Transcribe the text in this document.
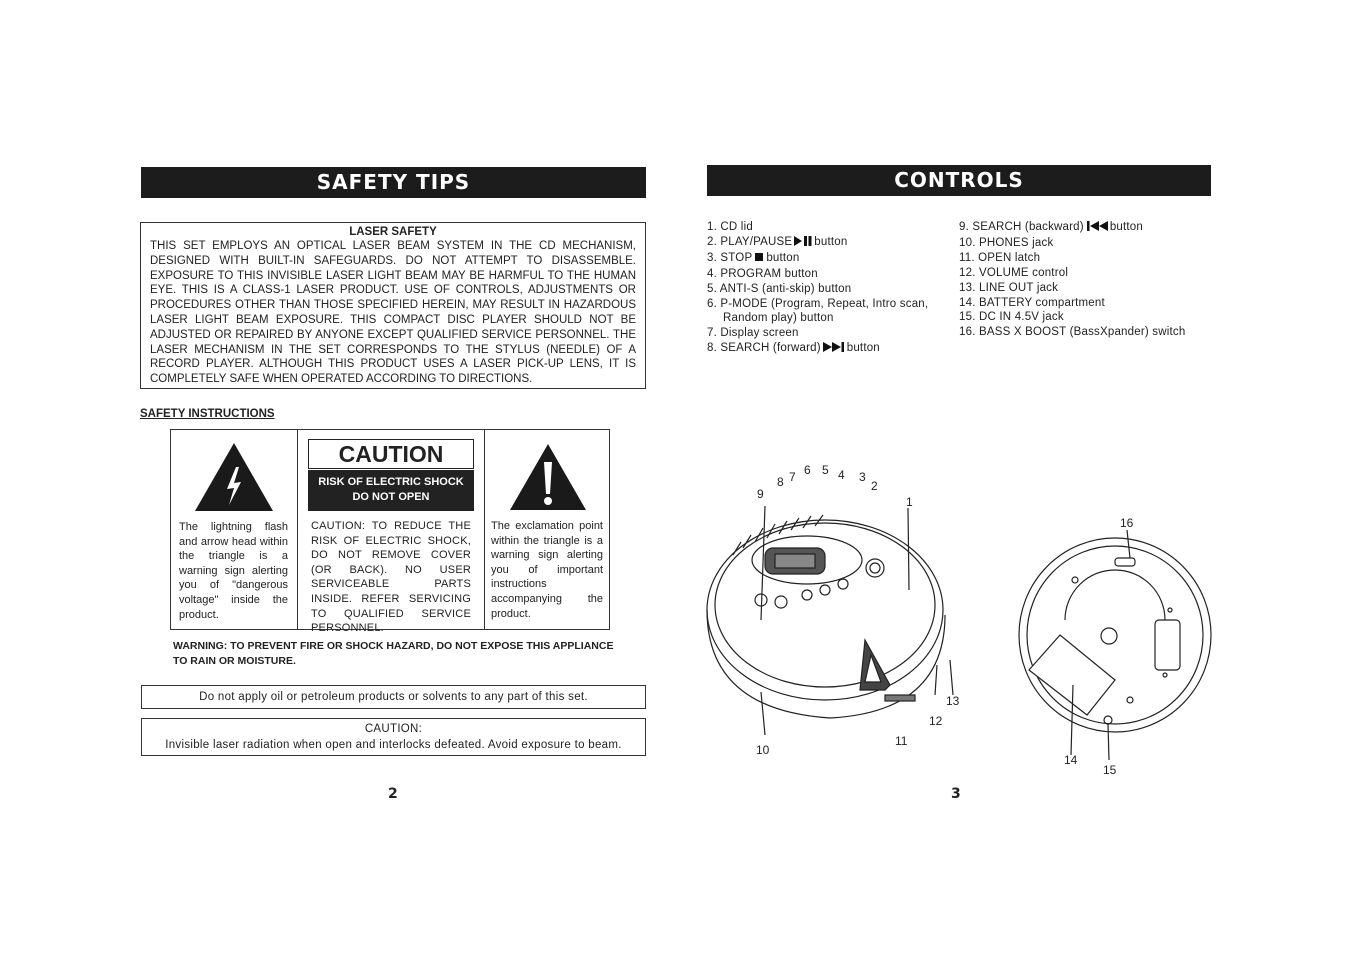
SAFETY TIPS
LASER SAFETY
THIS SET EMPLOYS AN OPTICAL LASER BEAM SYSTEM IN THE CD MECHANISM, DESIGNED WITH BUILT-IN SAFEGUARDS. DO NOT ATTEMPT TO DISASSEMBLE. EXPOSURE TO THIS INVISIBLE LASER LIGHT BEAM MAY BE HARMFUL TO THE HUMAN EYE. THIS IS A CLASS-1 LASER PRODUCT. USE OF CONTROLS, ADJUSTMENTS OR PROCEDURES OTHER THAN THOSE SPECIFIED HEREIN, MAY RESULT IN HAZARDOUS LASER LIGHT BEAM EXPOSURE. THIS COMPACT DISC PLAYER SHOULD NOT BE ADJUSTED OR REPAIRED BY ANYONE EXCEPT QUALIFIED SERVICE PERSONNEL. THE LASER MECHANISM IN THE SET CORRESPONDS TO THE STYLUS (NEEDLE) OF A RECORD PLAYER. ALTHOUGH THIS PRODUCT USES A LASER PICK-UP LENS, IT IS COMPLETELY SAFE WHEN OPERATED ACCORDING TO DIRECTIONS.
SAFETY INSTRUCTIONS
The lightning flash and arrow head within the triangle is a warning sign alerting you of "dangerous voltage" inside the product.
CAUTION
RISK OF ELECTRIC SHOCK
DO NOT OPEN
CAUTION: TO REDUCE THE RISK OF ELECTRIC SHOCK, DO NOT REMOVE COVER (OR BACK). NO USER SERVICEABLE PARTS INSIDE. REFER SERVICING TO QUALIFIED SERVICE PERSONNEL.
The exclamation point within the triangle is a warning sign alerting you of important instructions accompanying the product.
WARNING: TO PREVENT FIRE OR SHOCK HAZARD, DO NOT EXPOSE THIS APPLIANCE
TO RAIN OR MOISTURE.
Do not apply oil or petroleum products or solvents to any part of this set.
CAUTION:
Invisible laser radiation when open and interlocks defeated. Avoid exposure to beam.
2
CONTROLS
1. CD lid
2. PLAY/PAUSE button
3. STOP button
4. PROGRAM button
5. ANTI-S (anti-skip) button
6. P-MODE (Program, Repeat, Intro scan,
Random play) button
7. Display screen
8. SEARCH (forward) button
9. SEARCH (backward) button
10. PHONES jack
11. OPEN latch
12. VOLUME control
13. LINE OUT jack
14. BATTERY compartment
15. DC IN 4.5V jack
16. BASS X BOOST (BassXpander) switch
1
2
3
4
5
6
7
8
9
10
11
12
13
16
14
15
3
